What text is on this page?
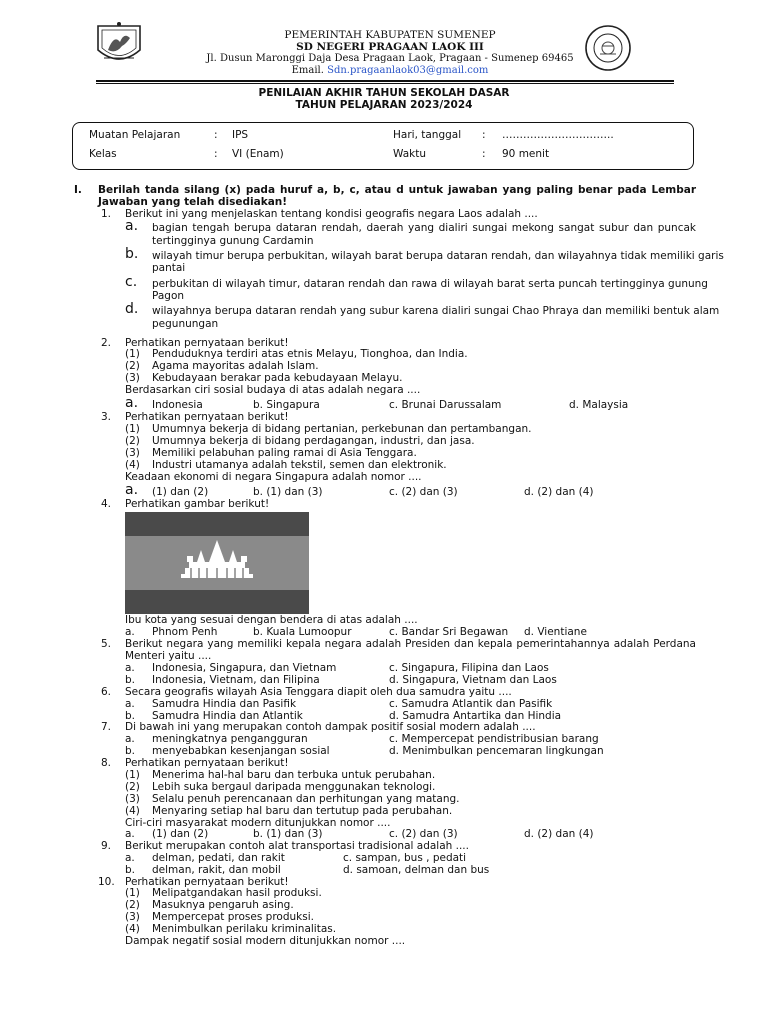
PEMERINTAH KABUPATEN SUMENEP
SD NEGERI PRAGAAN LAOK III
Jl. Dusun Maronggi Daja Desa Pragaan Laok, Pragaan - Sumenep 69465
Email. Sdn.pragaanlaok03@gmail.com
PENILAIAN AKHIR TAHUN SEKOLAH DASAR
TAHUN PELAJARAN 2023/2024
Muatan Pelajaran	: IPS	Hari, tanggal : …………………………..
Kelas	: VI (Enam)	Waktu	: 90 menit
I. Berilah tanda silang (x) pada huruf a, b, c, atau d untuk jawaban yang paling benar pada Lembar
Jawaban yang telah disediakan!
1. Berikut ini yang menjelaskan tentang kondisi geografis negara Laos adalah ....
a. bagian tengah berupa dataran rendah, daerah yang dialiri sungai mekong sangat subur dan puncak
tertingginya gunung Cardamin
b. wilayah timur berupa perbukitan, wilayah barat berupa dataran rendah, dan wilayahnya tidak memiliki garis
pantai
c. perbukitan di wilayah timur, dataran rendah dan rawa di wilayah barat serta puncah tertingginya gunung
Pagon
d. wilayahnya berupa dataran rendah yang subur karena dialiri sungai Chao Phraya dan memiliki bentuk alam
pegunungan
2. Perhatikan pernyataan berikut!
(1) Penduduknya terdiri atas etnis Melayu, Tionghoa, dan India.
(2) Agama mayoritas adalah Islam.
(3) Kebudayaan berakar pada kebudayaan Melayu.
Berdasarkan ciri sosial budaya di atas adalah negara ....
a. Indonesia	b. Singapura	c. Brunai Darussalam	d. Malaysia
3. Perhatikan pernyataan berikut!
(1) Umumnya bekerja di bidang pertanian, perkebunan dan pertambangan.
(2) Umumnya bekerja di bidang perdagangan, industri, dan jasa.
(3) Memiliki pelabuhan paling ramai di Asia Tenggara.
(4) Industri utamanya adalah tekstil, semen dan elektronik.
Keadaan ekonomi di negara Singapura adalah nomor ....
a. (1) dan (2)	b. (1) dan (3)	c. (2) dan (3)	d. (2) dan (4)
4. Perhatikan gambar berikut!
Ibu kota yang sesuai dengan bendera di atas adalah ....
a. Phnom Penh	b. Kuala Lumoopur	c. Bandar Sri Begawan d. Vientiane
5. Berikut negara yang memiliki kepala negara adalah Presiden dan kepala pemerintahannya adalah Perdana
Menteri yaitu ....
a. Indonesia, Singapura, dan Vietnam	c. Singapura, Filipina dan Laos
b. Indonesia, Vietnam, dan Filipina	d. Singapura, Vietnam dan Laos
6. Secara geografis wilayah Asia Tenggara diapit oleh dua samudra yaitu ....
a. Samudra Hindia dan Pasifik	c. Samudra Atlantik dan Pasifik
b. Samudra Hindia dan Atlantik	d. Samudra Antartika dan Hindia
7. Di bawah ini yang merupakan contoh dampak positif sosial modern adalah ....
a. meningkatnya pengangguran	c. Mempercepat pendistribusian barang
b. menyebabkan kesenjangan sosial	d. Menimbulkan pencemaran lingkungan
8. Perhatikan pernyataan berikut!
(1) Menerima hal-hal baru dan terbuka untuk perubahan.
(2) Lebih suka bergaul daripada menggunakan teknologi.
(3) Selalu penuh perencanaan dan perhitungan yang matang.
(4) Menyaring setiap hal baru dan tertutup pada perubahan.
Ciri-ciri masyarakat modern ditunjukkan nomor ....
a. (1) dan (2)	b. (1) dan (3)	c. (2) dan (3)	d. (2) dan (4)
9. Berikut merupakan contoh alat transportasi tradisional adalah ....
a. delman, pedati, dan rakit	c. sampan, bus , pedati
b. delman, rakit, dan mobil	d. samoan, delman dan bus
10. Perhatikan pernyataan berikut!
(1) Melipatgandakan hasil produksi.
(2) Masuknya pengaruh asing.
(3) Mempercepat proses produksi.
(4) Menimbulkan perilaku kriminalitas.
Dampak negatif sosial modern ditunjukkan nomor ....
